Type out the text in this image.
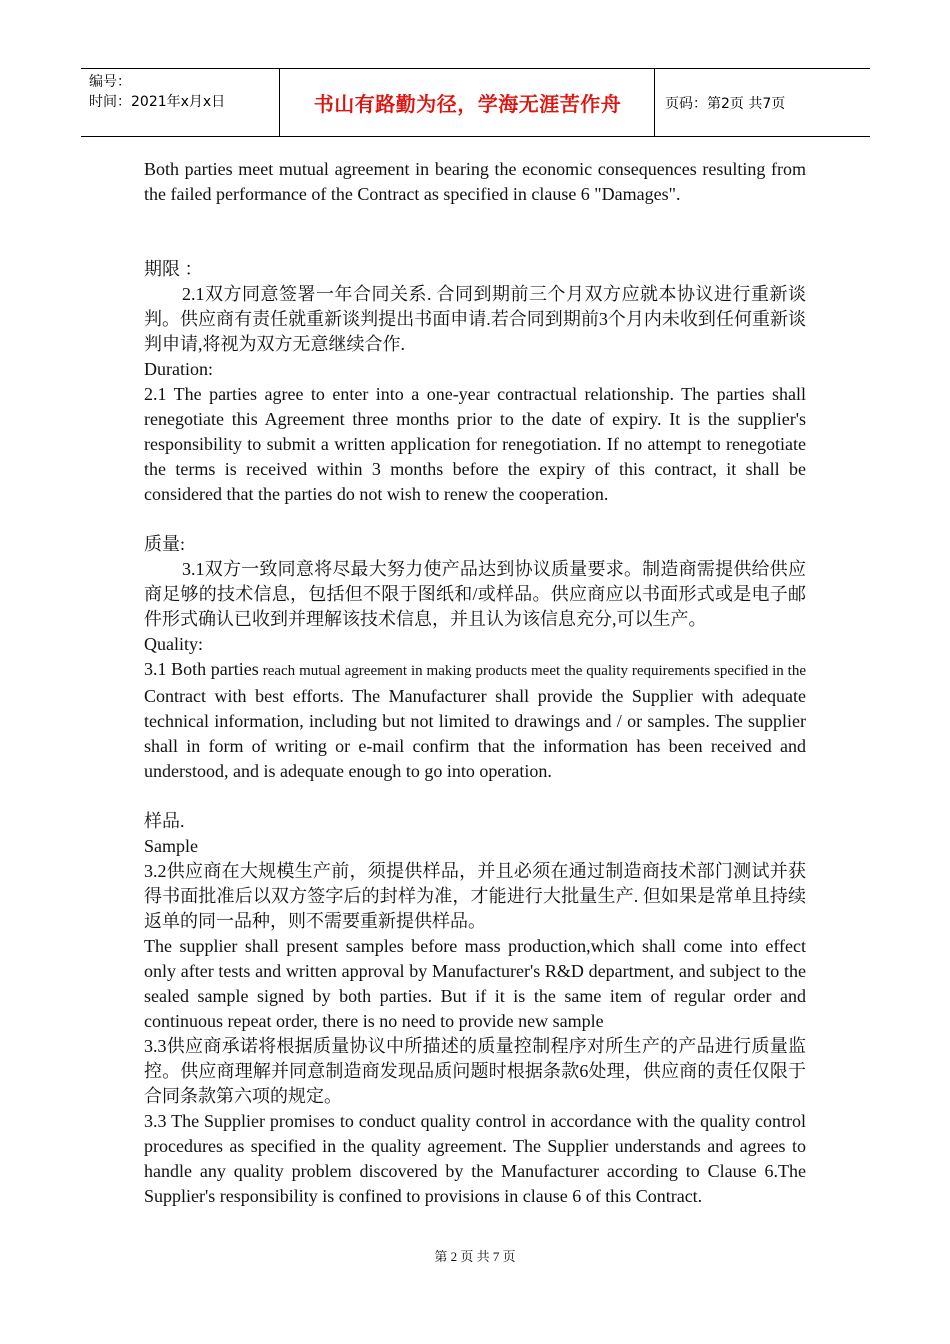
编号：
时间：2021年x月x日	书山有路勤为径，学海无涯苦作舟	页码：第2页 共7页

Both parties meet mutual agreement in bearing the economic consequences resulting from the failed performance of the Contract as specified in clause 6 "Damages".

期限 ：

2.1双方同意签署一年合同关系. 合同到期前三个月双方应就本协议进行重新谈判。供应商有责任就重新谈判提出书面申请.若合同到期前3个月内未收到任何重新谈判申请,将视为双方无意继续合作.

Duration:

2.1 The parties agree to enter into a one-year contractual relationship. The parties shall renegotiate this Agreement three months prior to the date of expiry. It is the supplier's responsibility to submit a written application for renegotiation. If no attempt to renegotiate the terms is received within 3 months before the expiry of this contract, it shall be considered that the parties do not wish to renew the cooperation.

质量:

3.1双方一致同意将尽最大努力使产品达到协议质量要求。制造商需提供给供应商足够的技术信息，包括但不限于图纸和/或样品。供应商应以书面形式或是电子邮件形式确认已收到并理解该技术信息，并且认为该信息充分,可以生产。

Quality:

3.1 Both parties reach mutual agreement in making products meet the quality requirements specified in the Contract with best efforts. The Manufacturer shall provide the Supplier with adequate technical information, including but not limited to drawings and / or samples. The supplier shall in form of writing or e-mail confirm that the information has been received and understood, and is adequate enough to go into operation.

样品.

Sample

3.2供应商在大规模生产前，须提供样品，并且必须在通过制造商技术部门测试并获得书面批准后以双方签字后的封样为准，才能进行大批量生产. 但如果是常单且持续返单的同一品种，则不需要重新提供样品。

The supplier shall present samples before mass production,which shall come into effect only after tests and written approval by Manufacturer's R&D department, and subject to the sealed sample signed by both parties. But if it is the same item of regular order and continuous repeat order, there is no need to provide new sample

3.3供应商承诺将根据质量协议中所描述的质量控制程序对所生产的产品进行质量监控。供应商理解并同意制造商发现品质问题时根据条款6处理，供应商的责任仅限于合同条款第六项的规定。

3.3 The Supplier promises to conduct quality control in accordance with the quality control procedures as specified in the quality agreement. The Supplier understands and agrees to handle any quality problem discovered by the Manufacturer according to Clause 6.The Supplier's responsibility is confined to provisions in clause 6 of this Contract.

第 2 页 共 7 页
